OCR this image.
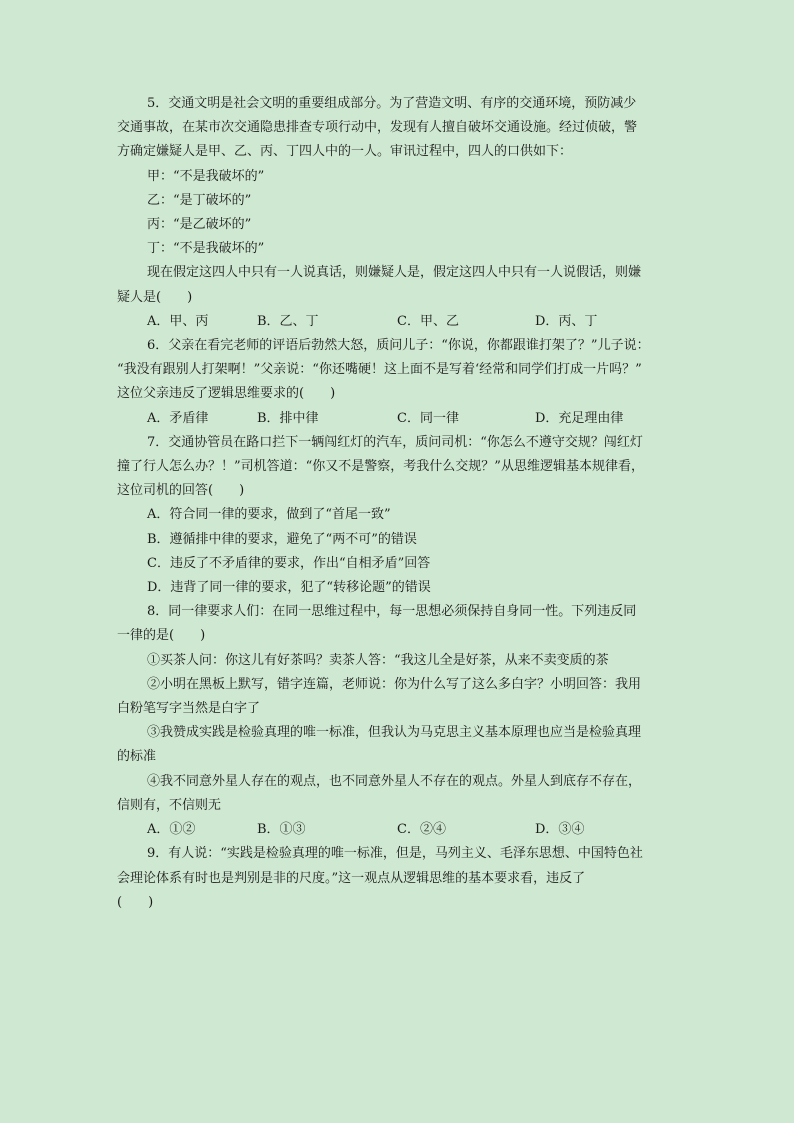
5．交通文明是社会文明的重要组成部分。为了营造文明、有序的交通环境，预防减少
交通事故，在某市次交通隐患排查专项行动中，发现有人擅自破坏交通设施。经过侦破，警
方确定嫌疑人是甲、乙、丙、丁四人中的一人。审讯过程中，四人的口供如下：
甲：“不是我破坏的”
乙：“是丁破坏的”
丙：“是乙破坏的”
丁：“不是我破坏的”
现在假定这四人中只有一人说真话，则嫌疑人是，假定这四人中只有一人说假话，则嫌
疑人是(　　)
A．甲、丙	B．乙、丁	C．甲、乙	D．丙、丁
6．父亲在看完老师的评语后勃然大怒，质问儿子：“你说，你都跟谁打架了？”儿子说：
“我没有跟别人打架啊！”父亲说：“你还嘴硬！这上面不是写着‘经常和同学们打成一片吗？”
这位父亲违反了逻辑思维要求的(　　)
A．矛盾律	B．排中律	C．同一律	D．充足理由律
7．交通协管员在路口拦下一辆闯红灯的汽车，质问司机：“你怎么不遵守交规？闯红灯
撞了行人怎么办？！”司机答道：“你又不是警察，考我什么交规？”从思维逻辑基本规律看，
这位司机的回答(　　)
A．符合同一律的要求，做到了“首尾一致”
B．遵循排中律的要求，避免了“两不可”的错误
C．违反了不矛盾律的要求，作出“自相矛盾”回答
D．违背了同一律的要求，犯了“转移论题”的错误
8．同一律要求人们：在同一思维过程中，每一思想必须保持自身同一性。下列违反同
一律的是(　　)
①买茶人问：你这儿有好茶吗？卖茶人答：“我这儿全是好茶，从来不卖变质的茶
②小明在黑板上默写，错字连篇，老师说：你为什么写了这么多白字？小明回答：我用
白粉笔写字当然是白字了
③我赞成实践是检验真理的唯一标准，但我认为马克思主义基本原理也应当是检验真理
的标准
④我不同意外星人存在的观点，也不同意外星人不存在的观点。外星人到底存不存在，
信则有，不信则无
A．①②	B．①③	C．②④	D．③④
9．有人说：“实践是检验真理的唯一标准，但是，马列主义、毛泽东思想、中国特色社
会理论体系有时也是判别是非的尺度。”这一观点从逻辑思维的基本要求看，违反了
(　　)
